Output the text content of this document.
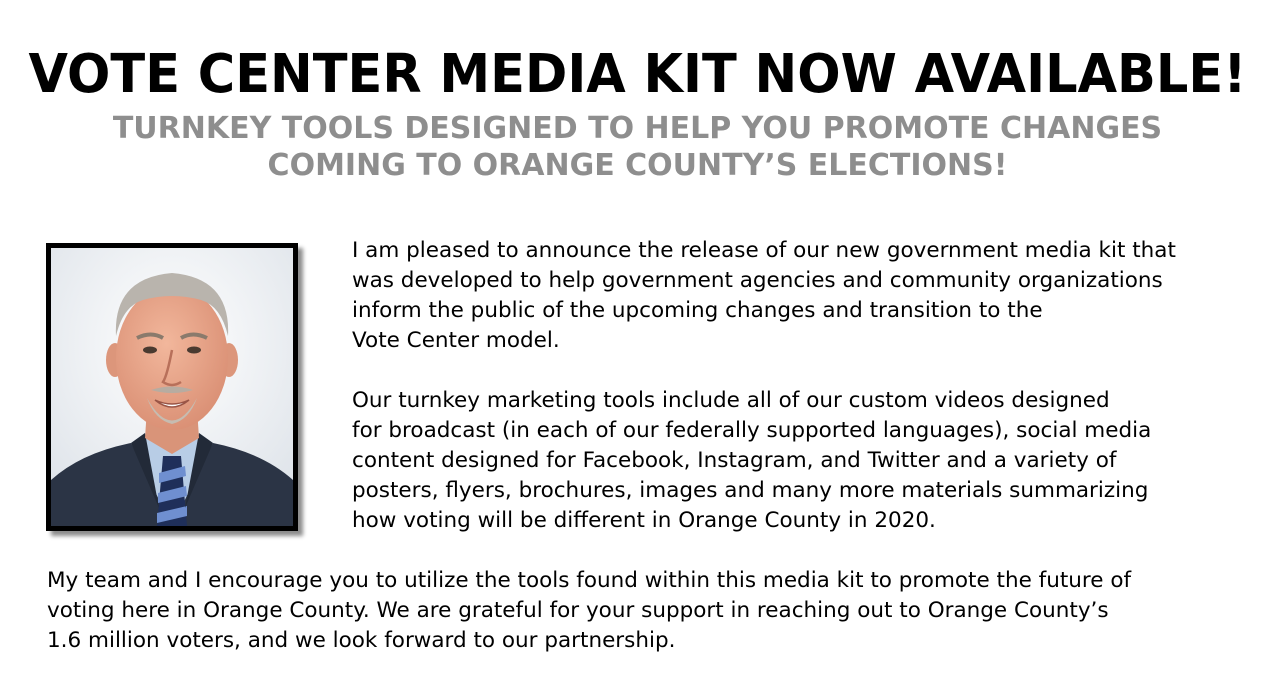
VOTE CENTER MEDIA KIT NOW AVAILABLE!
TURNKEY TOOLS DESIGNED TO HELP YOU PROMOTE CHANGES
COMING TO ORANGE COUNTY’S ELECTIONS!

I am pleased to announce the release of our new government media kit that
was developed to help government agencies and community organizations
inform the public of the upcoming changes and transition to the
Vote Center model.

Our turnkey marketing tools include all of our custom videos designed
for broadcast (in each of our federally supported languages), social media
content designed for Facebook, Instagram, and Twitter and a variety of
posters, flyers, brochures, images and many more materials summarizing
how voting will be different in Orange County in 2020.

My team and I encourage you to utilize the tools found within this media kit to promote the future of
voting here in Orange County. We are grateful for your support in reaching out to Orange County’s
1.6 million voters, and we look forward to our partnership.
